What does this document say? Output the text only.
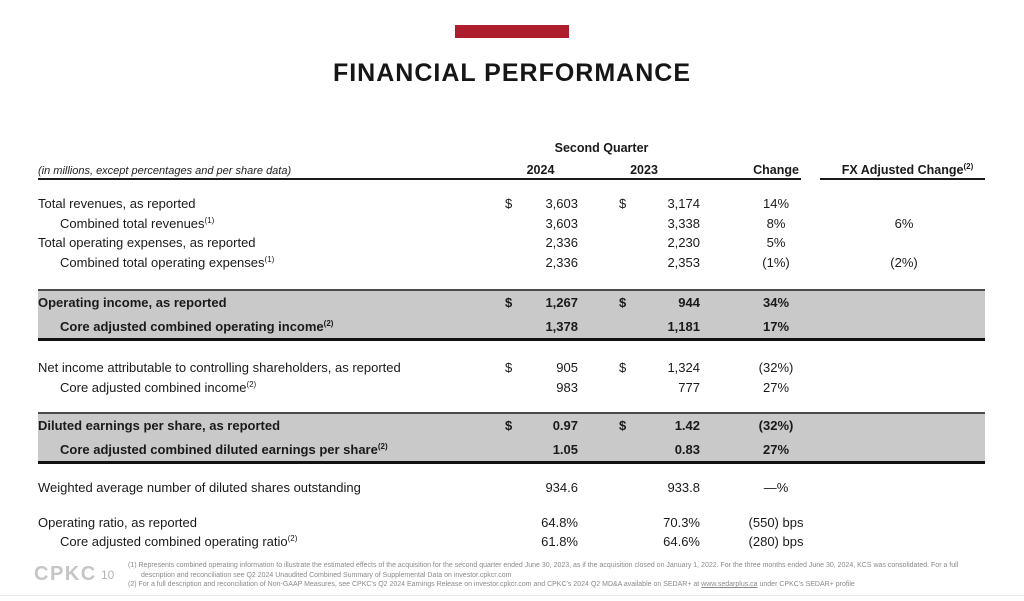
FINANCIAL PERFORMANCE
Second Quarter
(in millions, except percentages and per share data)	2024	2023	Change	FX Adjusted Change$^{(2)}$
Total revenues, as reported	$	3,603	$	3,174	14%
Combined total revenues$^{(1)}$	3,603	3,338	8%	6%
Total operating expenses, as reported	2,336	2,230	5%
Combined total operating expenses$^{(1)}$	2,336	2,353	(1%)	(2%)
Operating income, as reported	$	1,267	$	944	34%
Core adjusted combined operating income$^{(2)}$	1,378	1,181	17%
Net income attributable to controlling shareholders, as reported	$	905	$	1,324	(32%)
Core adjusted combined income$^{(2)}$	983	777	27%
Diluted earnings per share, as reported	$	0.97	$	1.42	(32%)
Core adjusted combined diluted earnings per share$^{(2)}$	1.05	0.83	27%
Weighted average number of diluted shares outstanding	934.6	933.8	—%
Operating ratio, as reported	64.8%	70.3%	(550) bps
Core adjusted combined operating ratio$^{(2)}$	61.8%	64.6%	(280) bps
CPKC 10
(1) Represents combined operating information to illustrate the estimated effects of the acquisition for the second quarter ended June 30, 2023, as if the acquisition closed on January 1, 2022. For the three months ended June 30, 2024, KCS was consolidated. For a full description and reconciliation see Q2 2024 Unaudited Combined Summary of Supplemental Data on investor.cpkcr.com
(2) For a full description and reconciliation of Non-GAAP Measures, see CPKC's Q2 2024 Earnings Release on investor.cpkcr.com and CPKC's 2024 Q2 MD&A available on SEDAR+ at www.sedarplus.ca under CPKC's SEDAR+ profile
